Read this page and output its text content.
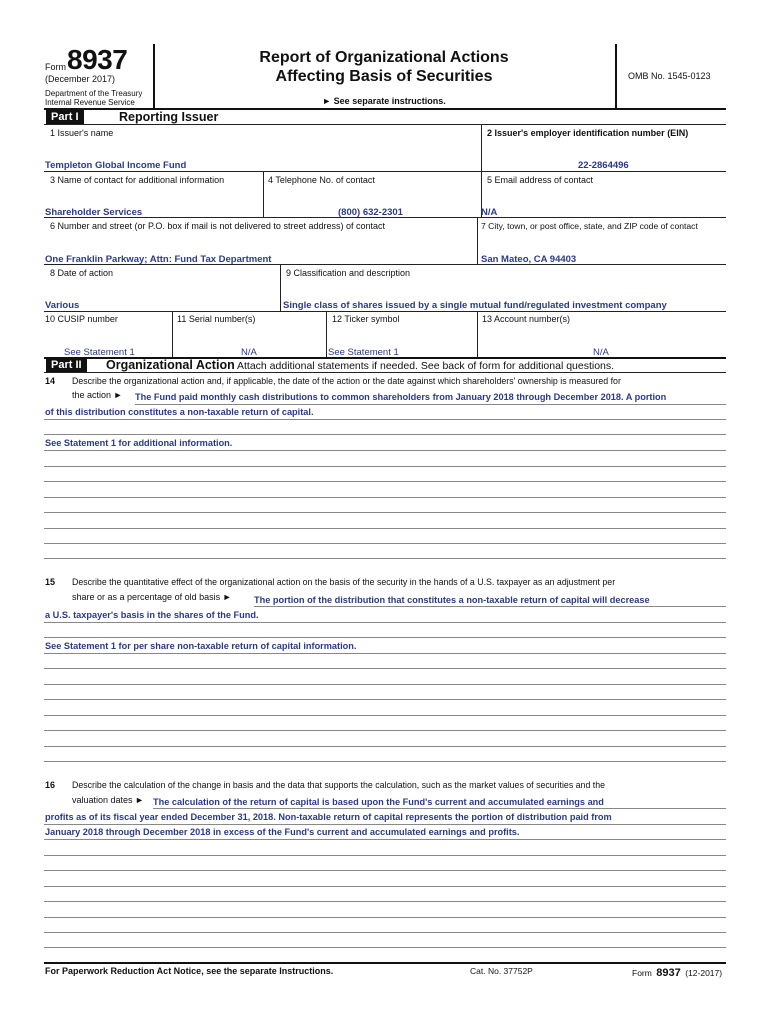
Form 8937
(December 2017)
Department of the Treasury
Internal Revenue Service
Report of Organizational Actions
Affecting Basis of Securities
► See separate instructions.
OMB No. 1545-0123
Part I	Reporting Issuer
1 Issuer's name
Templeton Global Income Fund
2 Issuer's employer identification number (EIN)
22-2864496
3 Name of contact for additional information
Shareholder Services
4 Telephone No. of contact
(800) 632-2301
5 Email address of contact
N/A
6 Number and street (or P.O. box if mail is not delivered to street address) of contact
One Franklin Parkway; Attn: Fund Tax Department
7 City, town, or post office, state, and ZIP code of contact
San Mateo, CA 94403
8 Date of action
Various
9 Classification and description
Single class of shares issued by a single mutual fund/regulated investment company
10 CUSIP number
See Statement 1
11 Serial number(s)
N/A
12 Ticker symbol
See Statement 1
13 Account number(s)
N/A
Part II	Organizational Action Attach additional statements if needed. See back of form for additional questions.
14 Describe the organizational action and, if applicable, the date of the action or the date against which shareholders' ownership is measured for
the action ► The Fund paid monthly cash distributions to common shareholders from January 2018 through December 2018. A portion
of this distribution constitutes a non-taxable return of capital.
See Statement 1 for additional information.
15 Describe the quantitative effect of the organizational action on the basis of the security in the hands of a U.S. taxpayer as an adjustment per
share or as a percentage of old basis ► The portion of the distribution that constitutes a non-taxable return of capital will decrease
a U.S. taxpayer's basis in the shares of the Fund.
See Statement 1 for per share non-taxable return of capital information.
16 Describe the calculation of the change in basis and the data that supports the calculation, such as the market values of securities and the
valuation dates ► The calculation of the return of capital is based upon the Fund's current and accumulated earnings and
profits as of its fiscal year ended December 31, 2018. Non-taxable return of capital represents the portion of distribution paid from
January 2018 through December 2018 in excess of the Fund's current and accumulated earnings and profits.
For Paperwork Reduction Act Notice, see the separate Instructions.	Cat. No. 37752P	Form 8937 (12-2017)
